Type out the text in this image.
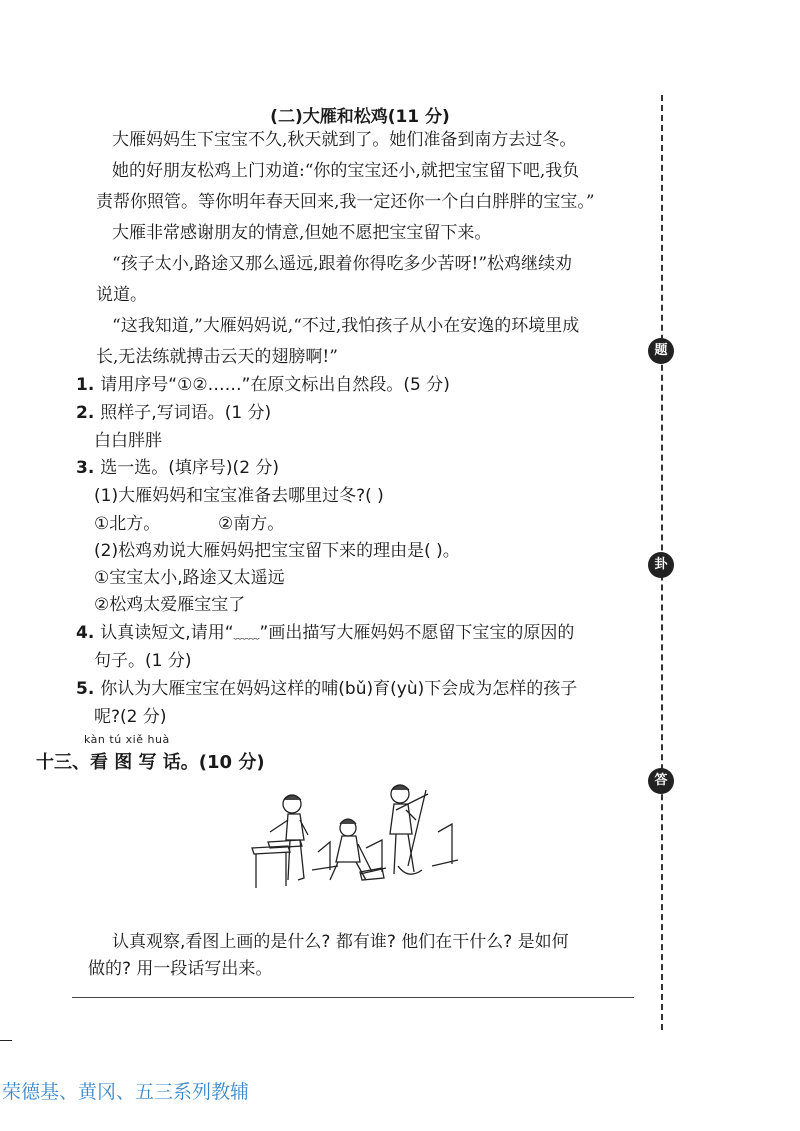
(二)大雁和松鸡(11 分)
大雁妈妈生下宝宝不久,秋天就到了。她们准备到南方去过冬。
她的好朋友松鸡上门劝道:“你的宝宝还小,就把宝宝留下吧,我负
责帮你照管。等你明年春天回来,我一定还你一个白白胖胖的宝宝。”
大雁非常感谢朋友的情意,但她不愿把宝宝留下来。
“孩子太小,路途又那么遥远,跟着你得吃多少苦呀!”松鸡继续劝
说道。
“这我知道,”大雁妈妈说,“不过,我怕孩子从小在安逸的环境里成
长,无法练就搏击云天的翅膀啊!”
1. 请用序号“①②……”在原文标出自然段。(5 分)
2. 照样子,写词语。(1 分)
白白胖胖
3. 选一选。(填序号)(2 分)
(1)大雁妈妈和宝宝准备去哪里过冬?( )
①北方。	②南方。
(2)松鸡劝说大雁妈妈把宝宝留下来的理由是( )。
①宝宝太小,路途又太遥远
②松鸡太爱雁宝宝了
4. 认真读短文,请用“﹏﹏”画出描写大雁妈妈不愿留下宝宝的原因的
句子。(1 分)
5. 你认为大雁宝宝在妈妈这样的哺(bǔ)育(yù)下会成为怎样的孩子
呢?(2 分)
kàn tú xiě huà
十三、看 图 写 话。(10 分)
认真观察,看图上画的是什么? 都有谁? 他们在干什么? 是如何
做的? 用一段话写出来。
题
卦
答
荣德基、黄冈、五三系列教辅
